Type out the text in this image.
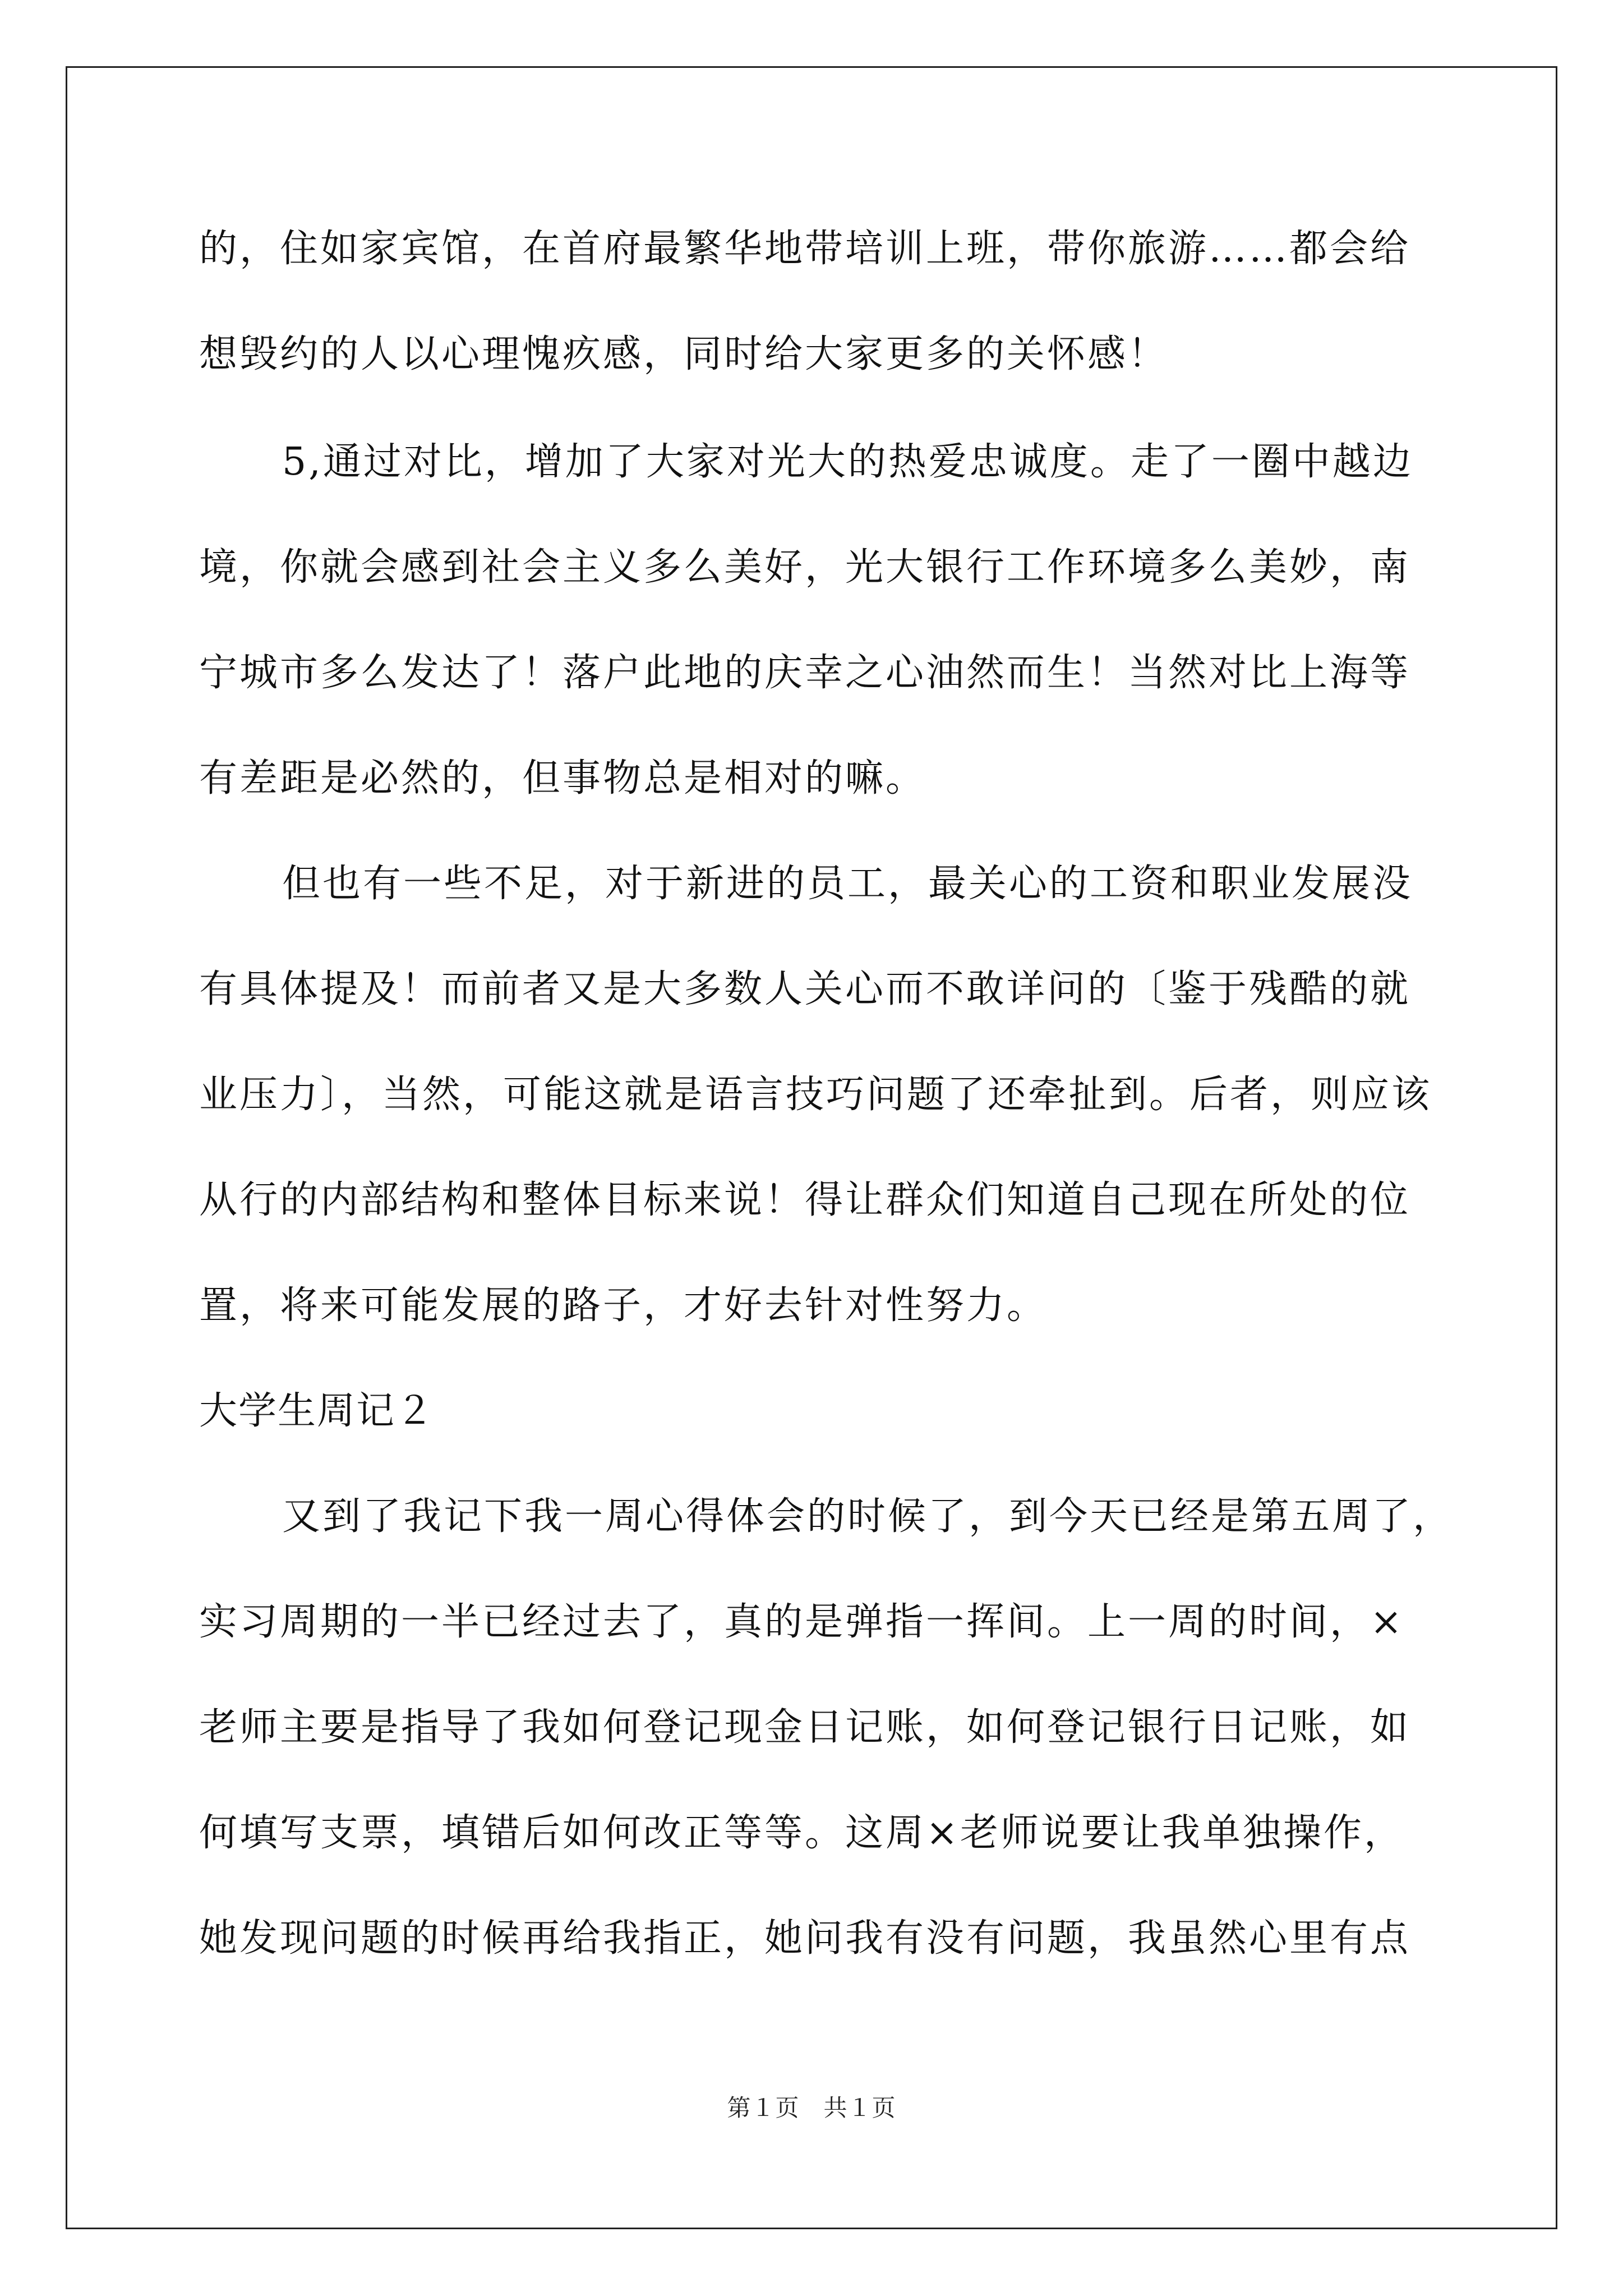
的，住如家宾馆，在首府最繁华地带培训上班，带你旅游……都会给
想毁约的人以心理愧疚感，同时给大家更多的关怀感！
5,通过对比，增加了大家对光大的热爱忠诚度。走了一圈中越边
境，你就会感到社会主义多么美好，光大银行工作环境多么美妙，南
宁城市多么发达了！落户此地的庆幸之心油然而生！当然对比上海等
有差距是必然的，但事物总是相对的嘛。
但也有一些不足，对于新进的员工，最关心的工资和职业发展没
有具体提及！而前者又是大多数人关心而不敢详问的〔鉴于残酷的就
业压力〕，当然，可能这就是语言技巧问题了还牵扯到。后者，则应该
从行的内部结构和整体目标来说！得让群众们知道自己现在所处的位
置，将来可能发展的路子，才好去针对性努力。
大学生周记２
又到了我记下我一周心得体会的时候了，到今天已经是第五周了，
实习周期的一半已经过去了，真的是弹指一挥间。上一周的时间，×
老师主要是指导了我如何登记现金日记账，如何登记银行日记账，如
何填写支票，填错后如何改正等等。这周×老师说要让我单独操作，
她发现问题的时候再给我指正，她问我有没有问题，我虽然心里有点
第１页　共１页
